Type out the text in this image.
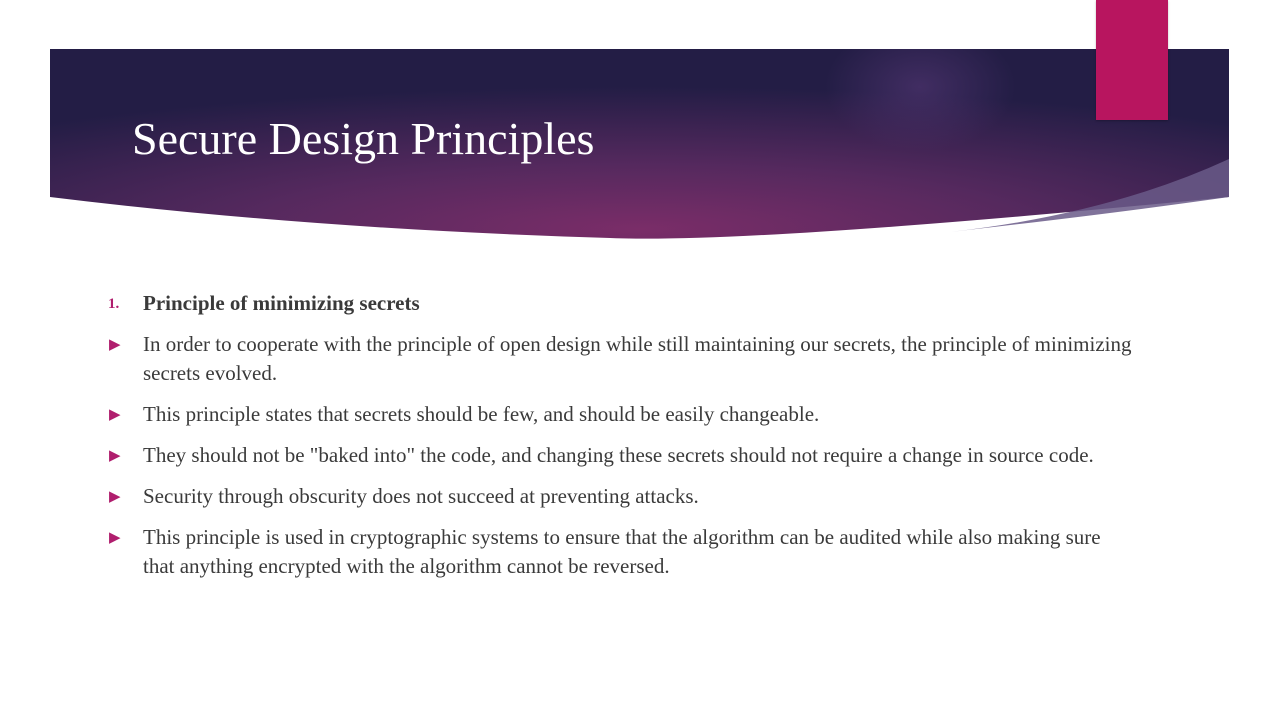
Secure Design Principles
1.	Principle of minimizing secrets
▶	In order to cooperate with the principle of open design while still maintaining our secrets, the principle of minimizing secrets evolved.
▶	This principle states that secrets should be few, and should be easily changeable.
▶	They should not be "baked into" the code, and changing these secrets should not require a change in source code.
▶	Security through obscurity does not succeed at preventing attacks.
▶	This principle is used in cryptographic systems to ensure that the algorithm can be audited while also making sure that anything encrypted with the algorithm cannot be reversed.
